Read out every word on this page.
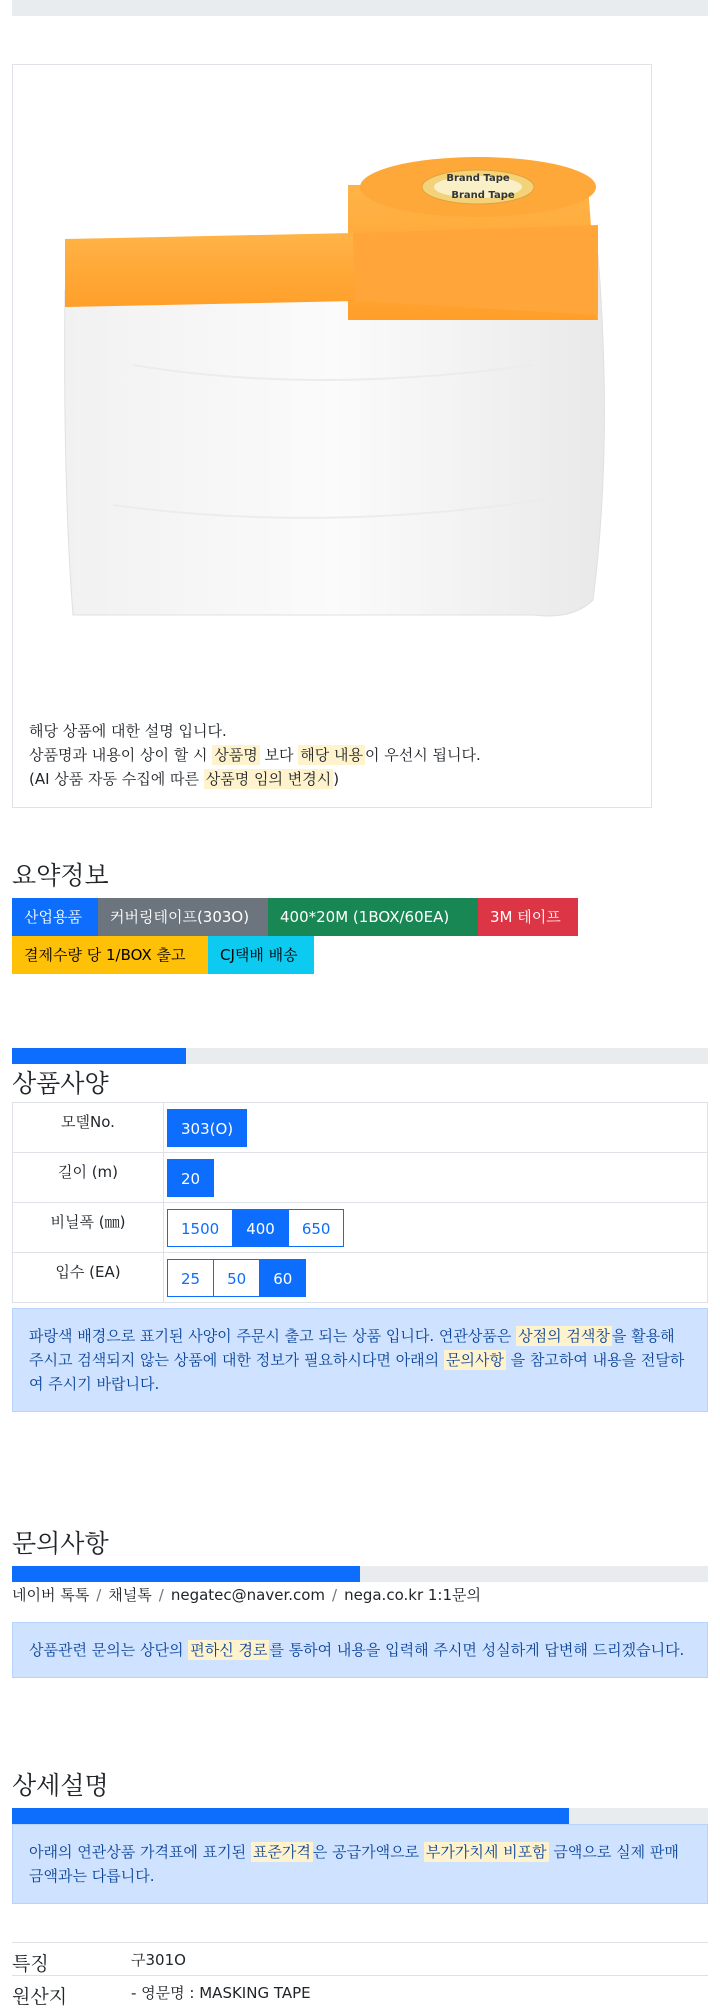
Brand Tape
Brand Tape
해당 상품에 대한 설명 입니다.
상품명과 내용이 상이 할 시 상품명 보다 해당 내용 이 우선시 됩니다.
(AI 상품 자동 수집에 따른 상품명 임의 변경시 )
요약정보
산업용품	커버링테이프(303O)	400*20M (1BOX/60EA)	3M 테이프
결제수량 당 1/BOX 출고	CJ택배 배송
상품사양
모델No.	303(O)
길이 (m)	20
비닐폭 (㎜)	1500 400 650
입수 (EA)	25 50 60
파랑색 배경으로 표기된 사양이 주문시 출고 되는 상품 입니다. 연관상품은 상점의 검색창 을 활용해 주시고 검색되지 않는 상품에 대한 정보가 필요하시다면 아래의 문의사항 을 참고하여 내용을 전달하여 주시기 바랍니다.
문의사항
네이버 톡톡 / 채널톡 / negatec@naver.com / nega.co.kr 1:1문의
상품관련 문의는 상단의 편하신 경로 를 통하여 내용을 입력해 주시면 성실하게 답변해 드리겠습니다.
상세설명
아래의 연관상품 가격표에 표기된 표준가격 은 공급가액으로 부가가치세 비포함 금액으로 실제 판매금액과는 다릅니다.
특징	구301O
원산지	- 영문명 : MASKING TAPE
